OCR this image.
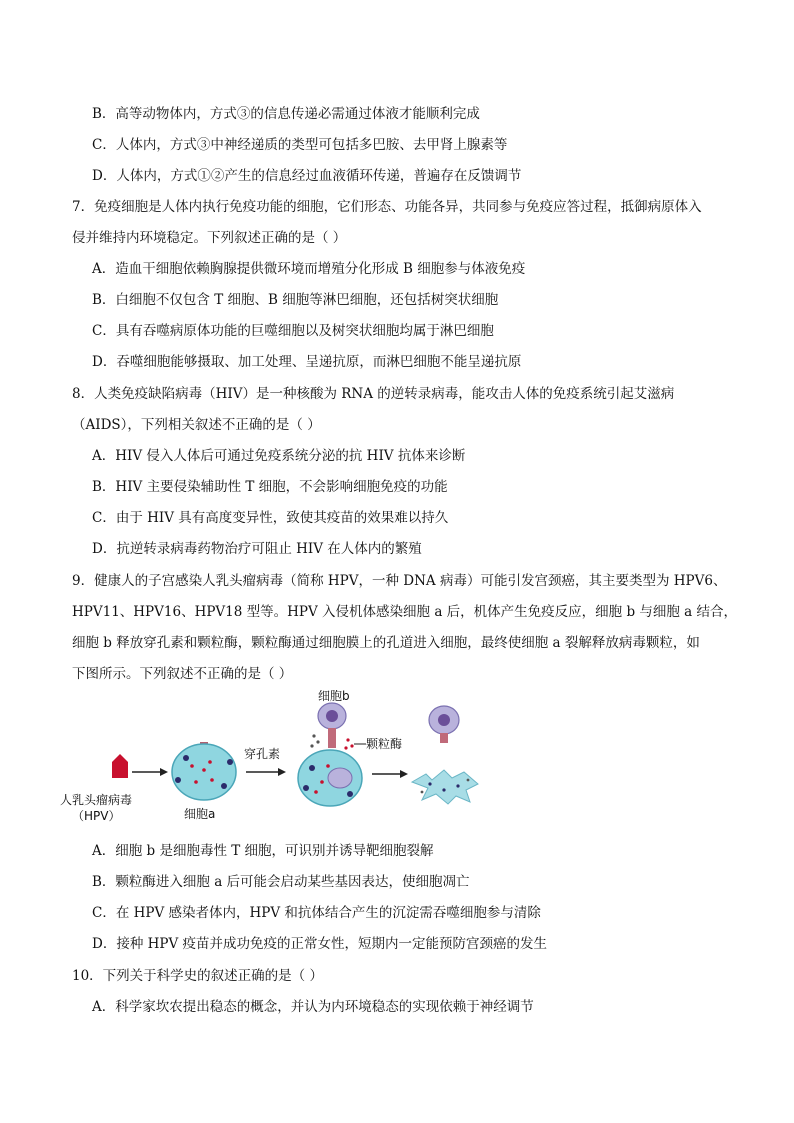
B．高等动物体内，方式③的信息传递必需通过体液才能顺利完成
C．人体内，方式③中神经递质的类型可包括多巴胺、去甲肾上腺素等
D．人体内，方式①②产生的信息经过血液循环传递，普遍存在反馈调节
7．免疫细胞是人体内执行免疫功能的细胞，它们形态、功能各异，共同参与免疫应答过程，抵御病原体入
侵并维持内环境稳定。下列叙述正确的是（ ）
A．造血干细胞依赖胸腺提供微环境而增殖分化形成 B 细胞参与体液免疫
B．白细胞不仅包含 T 细胞、B 细胞等淋巴细胞，还包括树突状细胞
C．具有吞噬病原体功能的巨噬细胞以及树突状细胞均属于淋巴细胞
D．吞噬细胞能够摄取、加工处理、呈递抗原，而淋巴细胞不能呈递抗原
8．人类免疫缺陷病毒（HIV）是一种核酸为 RNA 的逆转录病毒，能攻击人体的免疫系统引起艾滋病
（AIDS），下列相关叙述不正确的是（ ）
A．HIV 侵入人体后可通过免疫系统分泌的抗 HIV 抗体来诊断
B．HIV 主要侵染辅助性 T 细胞，不会影响细胞免疫的功能
C．由于 HIV 具有高度变异性，致使其疫苗的效果难以持久
D．抗逆转录病毒药物治疗可阻止 HIV 在人体内的繁殖
9．健康人的子宫感染人乳头瘤病毒（简称 HPV，一种 DNA 病毒）可能引发宫颈癌，其主要类型为 HPV6、
HPV11、HPV16、HPV18 型等。HPV 入侵机体感染细胞 a 后，机体产生免疫反应，细胞 b 与细胞 a 结合，
细胞 b 释放穿孔素和颗粒酶，颗粒酶通过细胞膜上的孔道进入细胞，最终使细胞 a 裂解释放病毒颗粒，如
下图所示。下列叙述不正确的是（ ）
A．细胞 b 是细胞毒性 T 细胞，可识别并诱导靶细胞裂解
B．颗粒酶进入细胞 a 后可能会启动某些基因表达，使细胞凋亡
C．在 HPV 感染者体内，HPV 和抗体结合产生的沉淀需吞噬细胞参与清除
D．接种 HPV 疫苗并成功免疫的正常女性，短期内一定能预防宫颈癌的发生
10．下列关于科学史的叙述正确的是（ ）
A．科学家坎农提出稳态的概念，并认为内环境稳态的实现依赖于神经调节
细胞a
穿孔素
细胞b
颗粒酶
人乳头瘤病毒
（HPV）
